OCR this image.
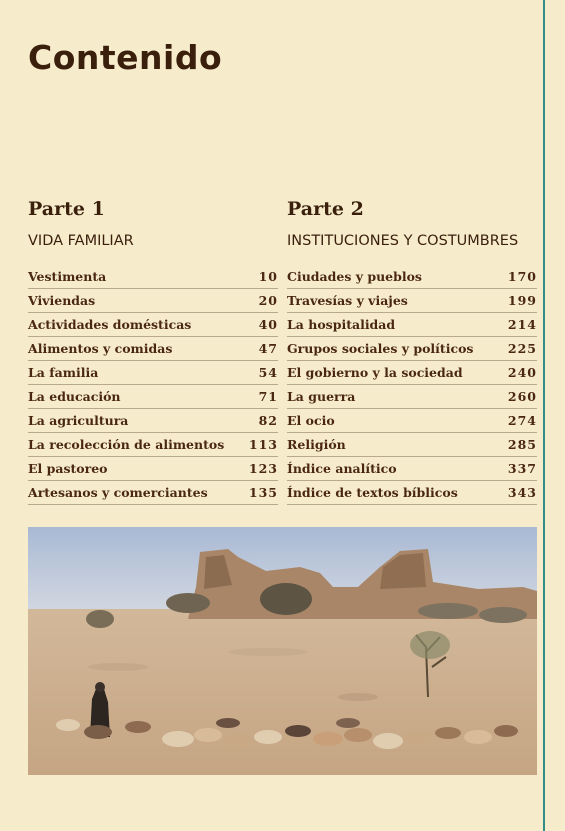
Contenido
Parte 1
VIDA FAMILIAR
Vestimenta	10
Viviendas	20
Actividades domésticas	40
Alimentos y comidas	47
La familia	54
La educación	71
La agricultura	82
La recolección de alimentos 113
El pastoreo	123
Artesanos y comerciantes	135
Parte 2
INSTITUCIONES Y COSTUMBRES
Ciudades y pueblos	170
Travesías y viajes	199
La hospitalidad	214
Grupos sociales y políticos	225
El gobierno y la sociedad	240
La guerra	260
El ocio	274
Religión	285
Índice analítico	337
Índice de textos bíblicos	343
